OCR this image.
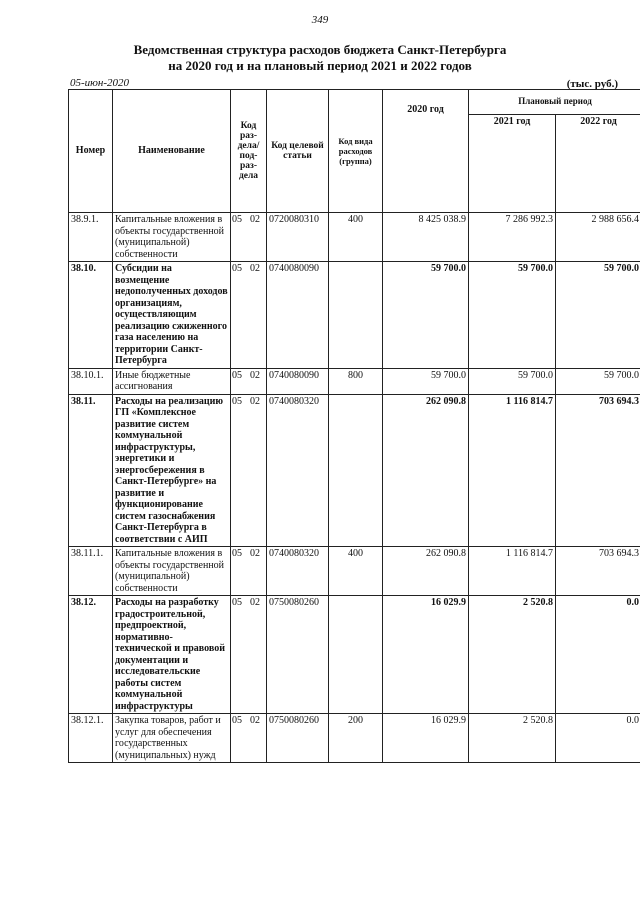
349
Ведомственная структура расходов бюджета Санкт-Петербурга
на 2020 год и на плановый период 2021 и 2022 годов
05-июн-2020	(тыс. руб.)
Номер	Наименование	Код раз- дела/ под- раз- дела	Код целевой статьи	Код вида расходов (группа)	2020 год	Плановый период	
						2021 год	2022 год
38.9.1.	Капитальные вложения в объекты государственной (муниципальной) собственности	05 02	0720080310	400	8 425 038.9	7 286 992.3	2 988 656.4
38.10.	Субсидии на возмещение недополученных доходов организациям, осуществляющим реализацию сжиженного газа населению на территории Санкт-Петербурга	05 02	0740080090		59 700.0	59 700.0	59 700.0
38.10.1.	Иные бюджетные ассигнования	05 02	0740080090	800	59 700.0	59 700.0	59 700.0
38.11.	Расходы на реализацию ГП «Комплексное развитие систем коммунальной инфраструктуры, энергетики и энергосбережения в Санкт-Петербурге» на развитие и функционирование систем газоснабжения Санкт-Петербурга в соответствии с АИП	05 02	0740080320		262 090.8	1 116 814.7	703 694.3
38.11.1.	Капитальные вложения в объекты государственной (муниципальной) собственности	05 02	0740080320	400	262 090.8	1 116 814.7	703 694.3
38.12.	Расходы на разработку градостроительной, предпроектной, нормативно-технической и правовой документации и исследовательские работы систем коммунальной инфраструктуры	05 02	0750080260		16 029.9	2 520.8	0.0
38.12.1.	Закупка товаров, работ и услуг для обеспечения государственных (муниципальных) нужд	05 02	0750080260	200	16 029.9	2 520.8	0.0
